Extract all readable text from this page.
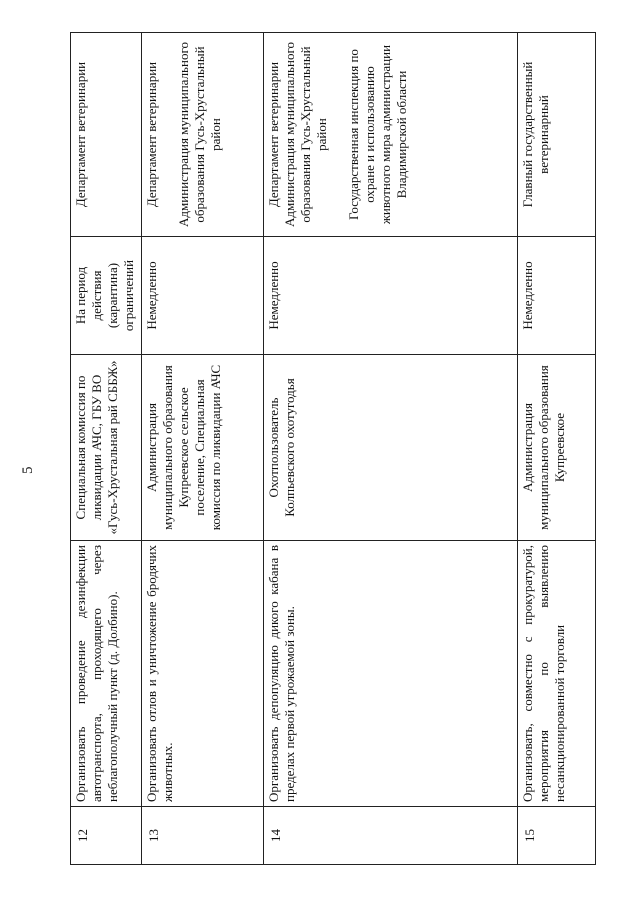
5
12	Организовать проведение дезинфекции автотранспорта, проходящего через неблагополучный пункт (д. Долбино).	Специальная комиссия по ликвидации АЧС, ГБУ ВО «Гусь-Хрустальная рай СББЖ»	На период действия (карантина) ограничений	Департамент ветеринарии
13	Организовать отлов и уничтожение бродячих животных.	Администрация муниципального образования Купреевское сельское поселение, Специальная комиссия по ликвидации АЧС	Немедленно	Департамент ветеринарии Администрация муниципального образования Гусь-Хрустальный район

14	Организовать депопуляцию дикого кабана в пределах первой угрожаемой зоны.	Охотпользователь Колпьевского охотугодья	Немедленно	Департамент ветеринарии Администрация муниципального образования Гусь-Хрустальный район Государственная инспекция по охране и использованию животного мира администрации Владимирской области

15	Организовать, совместно с прокуратурой, мероприятия по выявлению несанкционированной торговли	Администрация муниципального образования Купреевское	Немедленно	Главный государственный ветеринарный
